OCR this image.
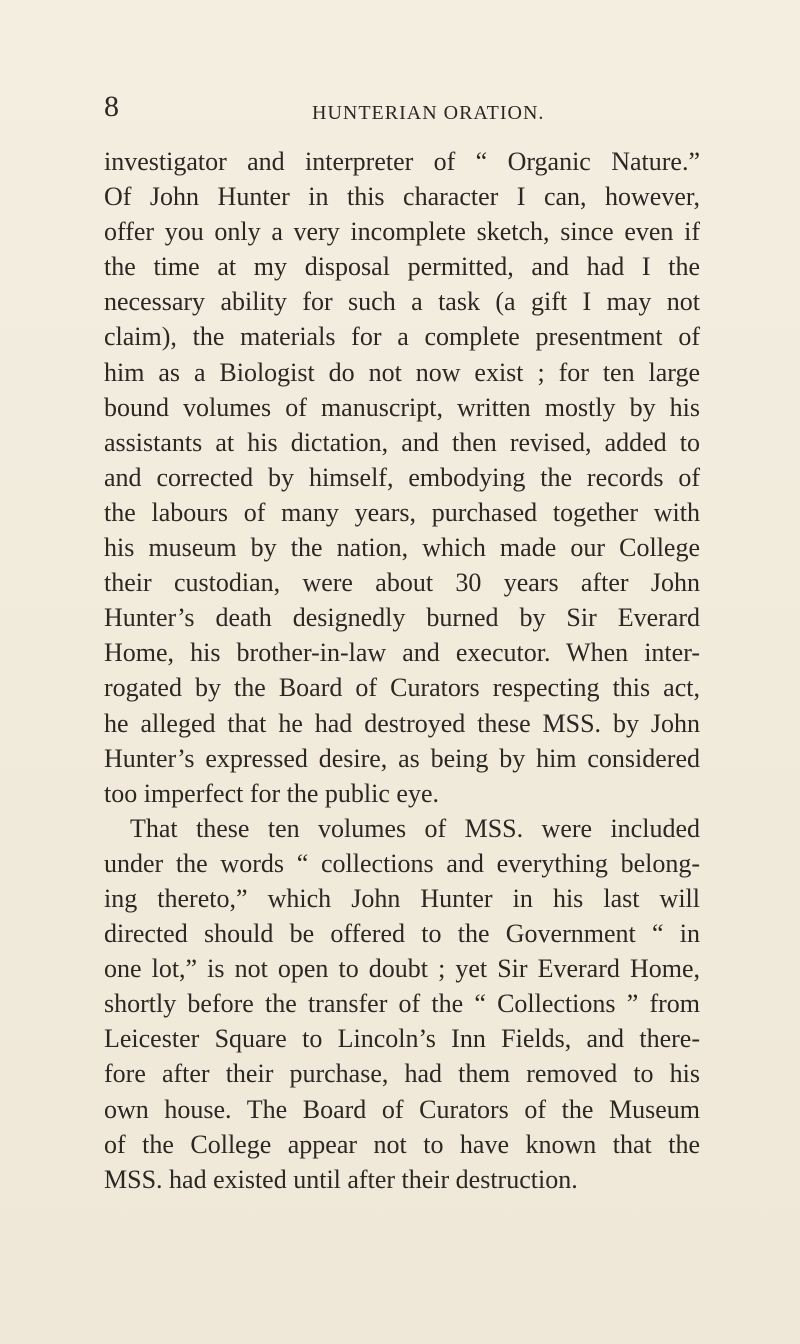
8	HUNTERIAN ORATION.
investigator and interpreter of “ Organic Nature.”
Of John Hunter in this character I can, however,
offer you only a very incomplete sketch, since even if
the time at my disposal permitted, and had I the
necessary ability for such a task (a gift I may not
claim), the materials for a complete presentment of
him as a Biologist do not now exist ; for ten large
bound volumes of manuscript, written mostly by his
assistants at his dictation, and then revised, added to
and corrected by himself, embodying the records of
the labours of many years, purchased together with
his museum by the nation, which made our College
their custodian, were about 30 years after John
Hunter’s death designedly burned by Sir Everard
Home, his brother-in-law and executor. When inter-
rogated by the Board of Curators respecting this act,
he alleged that he had destroyed these MSS. by John
Hunter’s expressed desire, as being by him considered
too imperfect for the public eye.
That these ten volumes of MSS. were included
under the words “ collections and everything belong-
ing thereto,” which John Hunter in his last will
directed should be offered to the Government “ in
one lot,” is not open to doubt ; yet Sir Everard Home,
shortly before the transfer of the “ Collections ” from
Leicester Square to Lincoln’s Inn Fields, and there-
fore after their purchase, had them removed to his
own house. The Board of Curators of the Museum
of the College appear not to have known that the
MSS. had existed until after their destruction.
